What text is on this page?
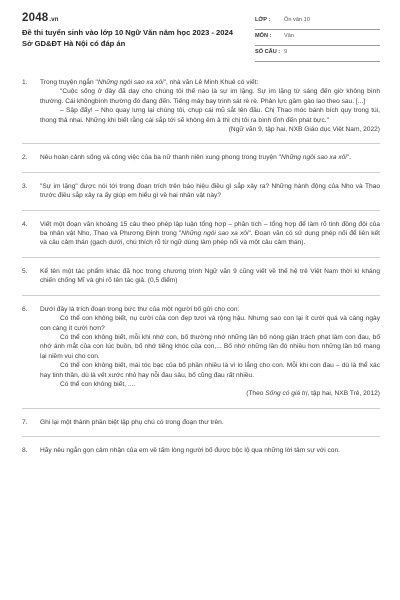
2048.vn
Đề thi tuyển sinh vào lớp 10 Ngữ Văn năm học 2023 - 2024
Sở GD&ĐT Hà Nội có đáp án
LỚP : Ôn văn 10
MÔN : Văn
SỐ CÂU : 9
1. Trong truyện ngắn "Những ngôi sao xa xôi", nhà văn Lê Minh Khuê có viết:

"Cuộc sống ở đây đã dạy cho chúng tôi thế nào là sự im lặng. Sự im lặng từ sáng đến giờ không bình thường. Cái khôngbình thường đó đang đến. Tiếng máy bay trinh sát rè rè. Phản lực gầm gào lao theo sau. [...]

– Sập đấy! – Nho quay lưng lại chúng tôi, chụp cái mũ sắt lên đầu. Chị Thao móc bánh bích quy trong túi, thong thả nhai. Những khi biết rằng cái sắp tới sẽ không êm ả thì chị tôi ra bình tĩnh đến phát bực."

(Ngữ văn 9, tập hai, NXB Giáo dục Việt Nam, 2022)

2. Nêu hoàn cảnh sống và công việc của ba nữ thanh niên xung phong trong truyện "Những ngôi sao xa xôi".

3. "Sự im lặng" được nói tới trong đoạn trích trên báo hiệu điều gì sắp xảy ra? Những hành động của Nho và Thao trước điều sắp xảy ra ấy giúp em hiểu gì về hai nhân vật này?

4. Viết một đoạn văn khoảng 15 câu theo phép lập luận tổng hợp – phân tích – tổng hợp để làm rõ tinh đồng đội của ba nhân vật Nho, Thao và Phương Định trong "Những ngôi sao xa xôi". Đoạn văn có sử dụng phép nối để liên kết và câu cảm thán (gạch dưới, chú thích rõ từ ngữ dùng làm phép nối và một câu cảm thán).

5. Kể tên một tác phẩm khác đã học trong chương trình Ngữ văn 9 cũng viết về thế hệ trẻ Việt Nam thời kì kháng chiến chống Mĩ và ghi rõ tên tác giả. (0,5 điểm)

6. Dưới đây là trích đoạn trong bức thư của một người bố gửi cho con:

Có thể con không biết, nụ cười của con đẹp tươi và rộng hậu. Nhưng sao con lại ít cười quá và càng ngày con càng ít cười hơn?

Có thể con không biết, mỗi khi nhớ con, bố thường nhớ những lần bố nóng giận trách phạt làm con đau, bố nhớ ánh mắt của con lúc buồn, bố nhớ tiếng khóc của con,... Bố nhớ những lần đó nhiều hơn những lần bố mang lại niềm vui cho con.

Có thể con không biết, mái tóc bạc của bố phần nhiều là vì lo lắng cho con. Mỗi khi con đau – dù là thể xác hay tinh thần, dù là vết xước nhỏ hay nỗi đau sâu, bố cũng đau rất nhiều.

Có thể con không biết, ....

(Theo Sống có giá trị, tập hai, NXB Trẻ, 2012)

7. Ghi lại một thành phần biệt lập phụ chú có trong đoạn thư trên.

8. Hãy nêu ngắn gọn cảm nhận của em về tấm lòng người bố được bộc lộ qua những lời tâm sự với con.
